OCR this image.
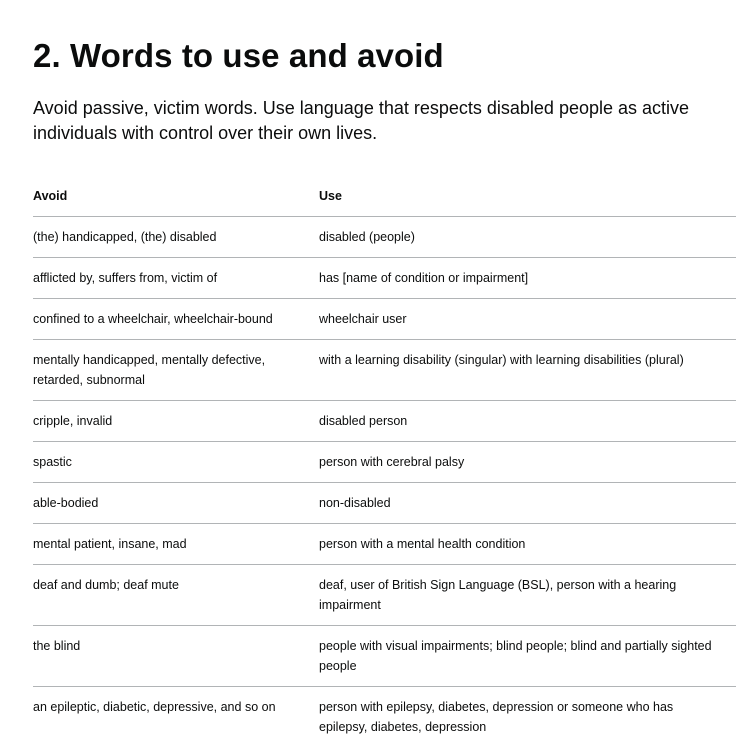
2. Words to use and avoid

Avoid passive, victim words. Use language that respects disabled people as active individuals with control over their own lives.

Avoid	Use
(the) handicapped, (the) disabled	disabled (people)
afflicted by, suffers from, victim of	has [name of condition or impairment]
confined to a wheelchair, wheelchair-bound	wheelchair user
mentally handicapped, mentally defective, retarded, subnormal	with a learning disability (singular) with learning disabilities (plural)
cripple, invalid	disabled person
spastic	person with cerebral palsy
able-bodied	non-disabled
mental patient, insane, mad	person with a mental health condition
deaf and dumb; deaf mute	deaf, user of British Sign Language (BSL), person with a hearing impairment
the blind	people with visual impairments; blind people; blind and partially sighted people
an epileptic, diabetic, depressive, and so on	person with epilepsy, diabetes, depression or someone who has epilepsy, diabetes, depression
